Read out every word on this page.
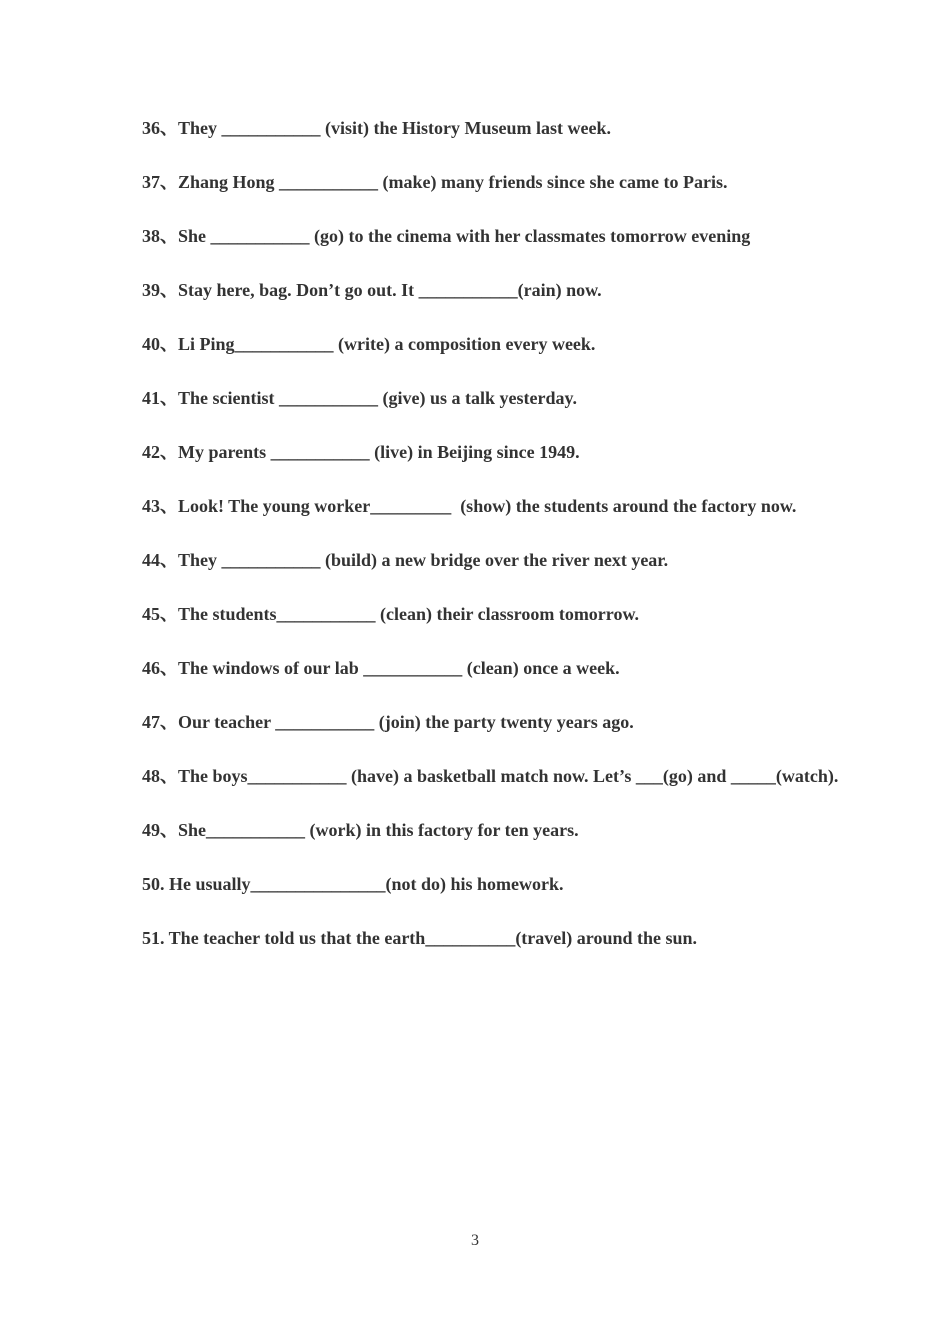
36、They ___________ (visit) the History Museum last week.

37、Zhang Hong ___________ (make) many friends since she came to Paris.

38、She ___________ (go) to the cinema with her classmates tomorrow evening

39、Stay here, bag. Don’t go out. It ___________(rain) now.

40、Li Ping___________ (write) a composition every week.

41、The scientist ___________ (give) us a talk yesterday.

42、My parents ___________ (live) in Beijing since 1949.

43、Look! The young worker_________  (show) the students around the factory now.

44、They ___________ (build) a new bridge over the river next year.

45、The students___________ (clean) their classroom tomorrow.

46、The windows of our lab ___________ (clean) once a week.

47、Our teacher ___________ (join) the party twenty years ago.

48、The boys___________ (have) a basketball match now. Let’s ___(go) and _____(watch).

49、She___________ (work) in this factory for ten years.

50. He usually_______________(not do) his homework.

51. The teacher told us that the earth__________(travel) around the sun.

3
